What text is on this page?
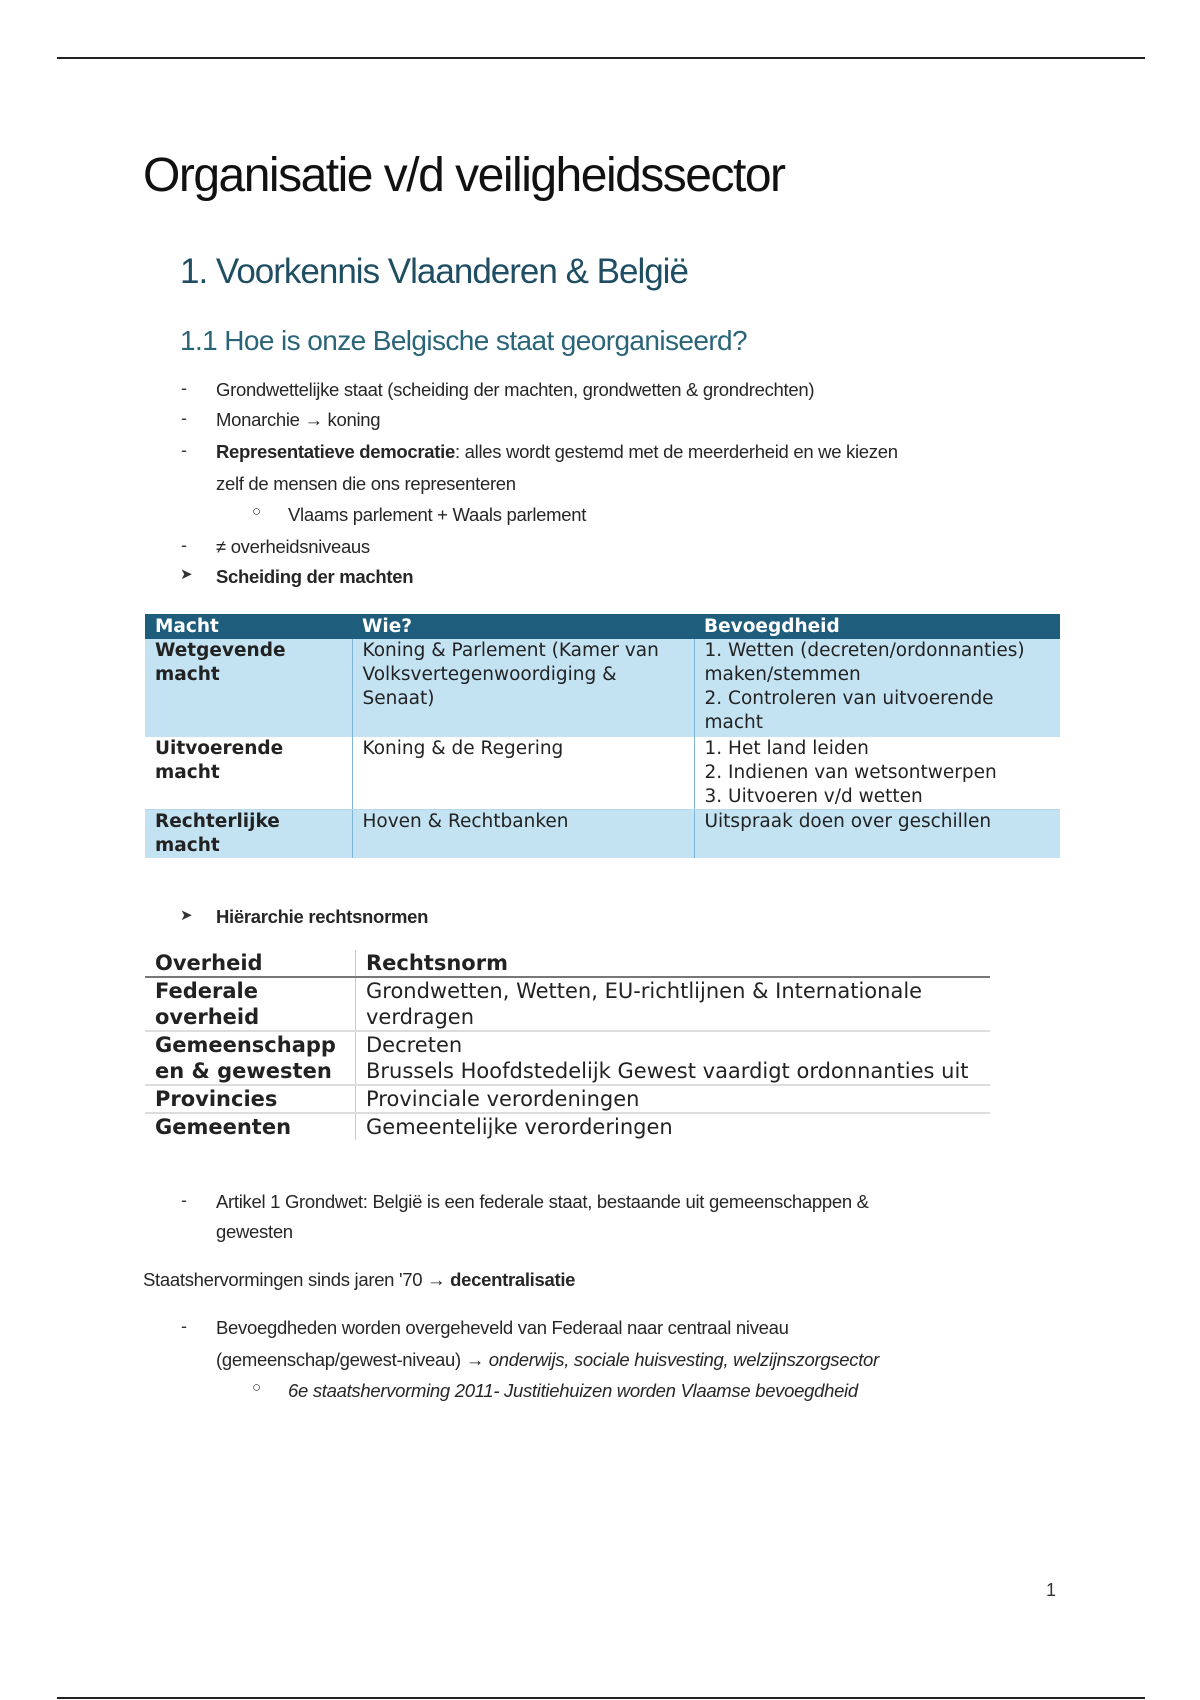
Organisatie v/d veiligheidssector
1. Voorkennis Vlaanderen & België
1.1 Hoe is onze Belgische staat georganiseerd?
- Grondwettelijke staat (scheiding der machten, grondwetten & grondrechten)
- Monarchie → koning
- Representatieve democratie: alles wordt gestemd met de meerderheid en we kiezen
zelf de mensen die ons representeren
○ Vlaams parlement + Waals parlement
- ≠ overheidsniveaus
➤ Scheiding der machten
Macht	Wie?	Bevoegdheid
Wetgevende macht	Koning & Parlement (Kamer van Volksvertegenwoordiging & Senaat)	1. Wetten (decreten/ordonnanties) maken/stemmen
2. Controleren van uitvoerende macht

Uitvoerende macht	Koning & de Regering	1. Het land leiden
2. Indienen van wetsontwerpen
3. Uitvoeren v/d wetten

Rechterlijke macht	Hoven & Rechtbanken	Uitspraak doen over geschillen
➤ Hiërarchie rechtsnormen
Overheid	Rechtsnorm
Federale overheid	Grondwetten, Wetten, EU-richtlijnen & Internationale verdragen

Gemeenschappen & gewesten	Decreten
Brussels Hoofdstedelijk Gewest vaardigt ordonnanties uit

Provincies	Provinciale verordeningen

Gemeenten	Gemeentelijke verorderingen
- Artikel 1 Grondwet: België is een federale staat, bestaande uit gemeenschappen &
gewesten
Staatshervormingen sinds jaren '70 → decentralisatie
- Bevoegdheden worden overgeheveld van Federaal naar centraal niveau
(gemeenschap/gewest-niveau) → onderwijs, sociale huisvesting, welzijnszorgsector
○ 6e staatshervorming 2011- Justitiehuizen worden Vlaamse bevoegdheid
1
